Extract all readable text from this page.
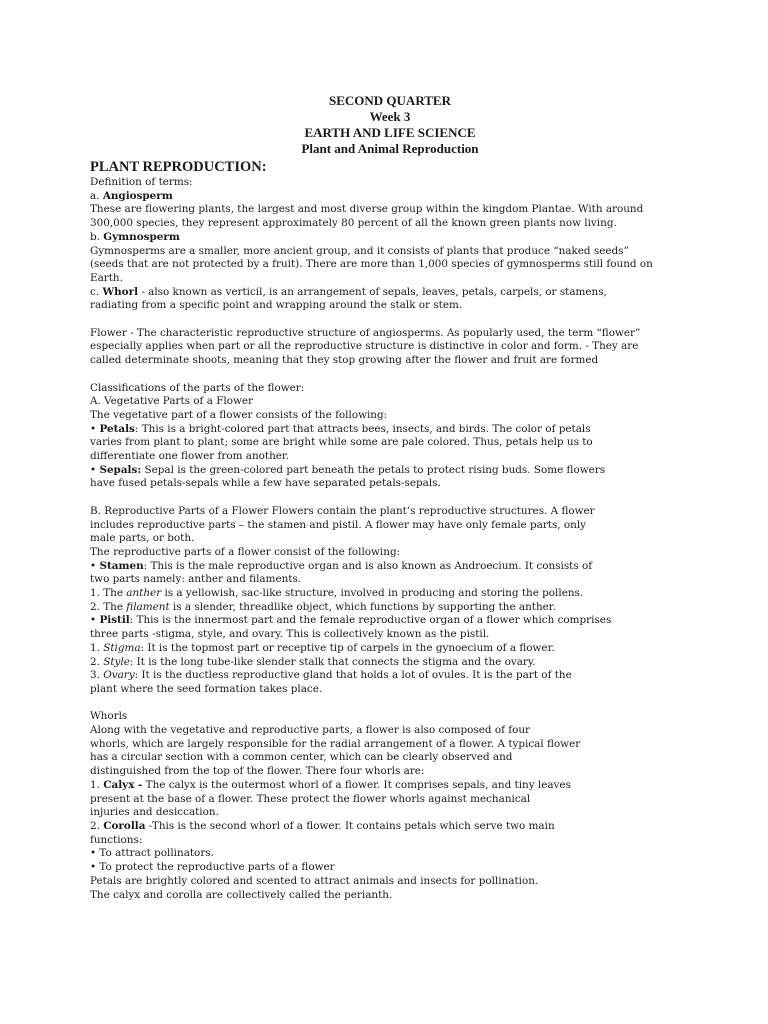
SECOND QUARTER
Week 3
EARTH AND LIFE SCIENCE
Plant and Animal Reproduction
PLANT REPRODUCTION:
Definition of terms:
a. Angiosperm
These are flowering plants, the largest and most diverse group within the kingdom Plantae. With around
300,000 species, they represent approximately 80 percent of all the known green plants now living.
b. Gymnosperm
Gymnosperms are a smaller, more ancient group, and it consists of plants that produce “naked seeds”
(seeds that are not protected by a fruit). There are more than 1,000 species of gymnosperms still found on
Earth.
c. Whorl - also known as verticil, is an arrangement of sepals, leaves, petals, carpels, or stamens,
radiating from a specific point and wrapping around the stalk or stem.
Flower - The characteristic reproductive structure of angiosperms. As popularly used, the term “flower”
especially applies when part or all the reproductive structure is distinctive in color and form. - They are
called determinate shoots, meaning that they stop growing after the flower and fruit are formed
Classifications of the parts of the flower:
A. Vegetative Parts of a Flower
The vegetative part of a flower consists of the following:
• Petals: This is a bright-colored part that attracts bees, insects, and birds. The color of petals
varies from plant to plant; some are bright while some are pale colored. Thus, petals help us to
differentiate one flower from another.
• Sepals: Sepal is the green-colored part beneath the petals to protect rising buds. Some flowers
have fused petals-sepals while a few have separated petals-sepals.
B. Reproductive Parts of a Flower Flowers contain the plant’s reproductive structures. A flower
includes reproductive parts – the stamen and pistil. A flower may have only female parts, only
male parts, or both.
The reproductive parts of a flower consist of the following:
• Stamen: This is the male reproductive organ and is also known as Androecium. It consists of
two parts namely: anther and filaments.
1. The anther is a yellowish, sac-like structure, involved in producing and storing the pollens.
2. The filament is a slender, threadlike object, which functions by supporting the anther.
• Pistil: This is the innermost part and the female reproductive organ of a flower which comprises
three parts -stigma, style, and ovary. This is collectively known as the pistil.
1. Stigma: It is the topmost part or receptive tip of carpels in the gynoecium of a flower.
2. Style: It is the long tube-like slender stalk that connects the stigma and the ovary.
3. Ovary: It is the ductless reproductive gland that holds a lot of ovules. It is the part of the
plant where the seed formation takes place.
Whorls
Along with the vegetative and reproductive parts, a flower is also composed of four
whorls, which are largely responsible for the radial arrangement of a flower. A typical flower
has a circular section with a common center, which can be clearly observed and
distinguished from the top of the flower. There four whorls are:
1. Calyx - The calyx is the outermost whorl of a flower. It comprises sepals, and tiny leaves
present at the base of a flower. These protect the flower whorls against mechanical
injuries and desiccation.
2. Corolla -This is the second whorl of a flower. It contains petals which serve two main
functions:
• To attract pollinators.
• To protect the reproductive parts of a flower
Petals are brightly colored and scented to attract animals and insects for pollination.
The calyx and corolla are collectively called the perianth.
